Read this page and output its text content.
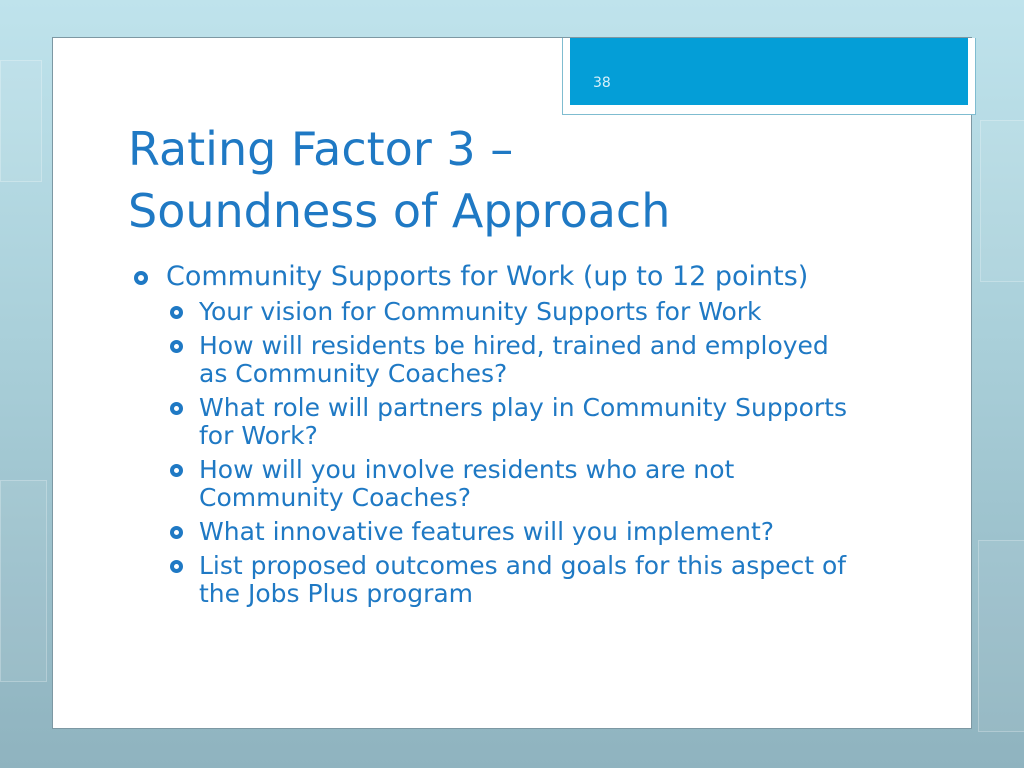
38
Rating Factor 3 –
Soundness of Approach
Community Supports for Work (up to 12 points)
Your vision for Community Supports for Work
How will residents be hired, trained and employed as Community Coaches?
What role will partners play in Community Supports for Work?
How will you involve residents who are not Community Coaches?
What innovative features will you implement?
List proposed outcomes and goals for this aspect of the Jobs Plus program
